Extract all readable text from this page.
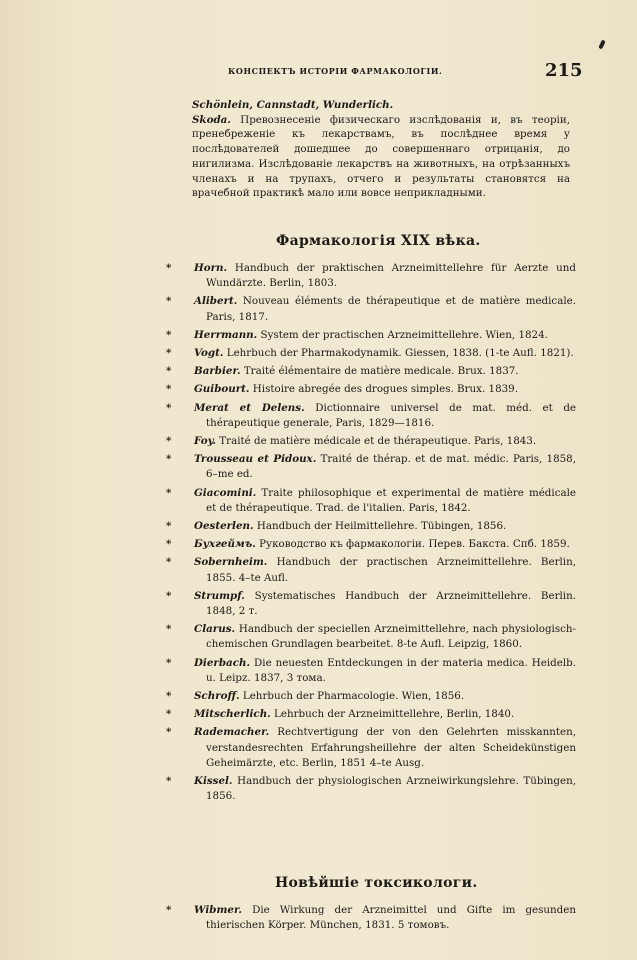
КОНСПЕКТЪ ИСТОРІИ ФАРМАКОЛОГІИ.	215
Schönlein, Cannstadt, Wunderlich.
Skoda. Превознесеніе физическаго изслѣдованія и, въ теоріи, пренебреженіе къ лекарствамъ, въ послѣднее время у послѣдователей дошедшее до совершеннаго отрицанія, до нигилизма. Изслѣдованіе лекарствъ на животныхъ, на отрѣзанныхъ членахъ и на трупахъ, отчего и результаты становятся на врачебной практикѣ мало или вовсе неприкладными.
Фармакологія XIX вѣка.
* Horn. Handbuch der praktischen Arzneimittellehre für Aerzte und Wundärzte. Berlin, 1803.
* Alibert. Nouveau éléments de thérapeutique et de matière medicale. Paris, 1817.
* Herrmann. System der practischen Arzneimittellehre. Wien, 1824.
* Vogt. Lehrbuch der Pharmakodynamik. Giessen, 1838. (1-te Aufl. 1821).
* Barbier. Traité élémentaire de matière medicale. Brux. 1837.
* Guibourt. Histoire abregée des drogues simples. Brux. 1839.
* Merat et Delens. Dictionnaire universel de mat. méd. et de thérapeutique generale, Paris, 1829—1816.
* Foy. Traité de matière médicale et de thérapeutique. Paris, 1843.
* Trousseau et Pidoux. Traité de thérap. et de mat. médic. Paris, 1858, 6–me ed.
* Giacomini. Traite philosophique et experimental de matière médicale et de thérapeutique. Trad. de l'italien. Paris, 1842.
* Oesterlen. Handbuch der Heilmittellehre. Tübingen, 1856.
* Бухгеймъ. Руководство къ фармакологіи. Перев. Бакста. Спб. 1859.
* Sobernheim. Handbuch der practischen Arzneimittellehre. Berlin, 1855. 4–te Aufl.
* Strumpf. Systematisches Handbuch der Arzneimittellehre. Berlin. 1848, 2 т.
* Clarus. Handbuch der speciellen Arzneimittellehre, nach physiologisch-chemischen Grundlagen bearbeitet. 8-te Aufl. Leipzig, 1860.
* Dierbach. Die neuesten Entdeckungen in der materia medica. Heidelb. u. Leipz. 1837, 3 тома.
* Schroff. Lehrbuch der Pharmacologie. Wien, 1856.
* Mitscherlich. Lehrbuch der Arzneimittellehre, Berlin, 1840.
* Rademacher. Rechtvertigung der von den Gelehrten misskannten, verstandesrechten Erfahrungsheillehre der alten Scheidekünstigen Geheimärzte, etc. Berlin, 1851 4–te Ausg.
* Kissel. Handbuch der physiologischen Arzneiwirkungslehre. Tübingen, 1856.
Новѣйшіе токсикологи.
* Wibmer. Die Wirkung der Arzneimittel und Gifte im gesunden thierischen Körper. München, 1831. 5 томовъ.
